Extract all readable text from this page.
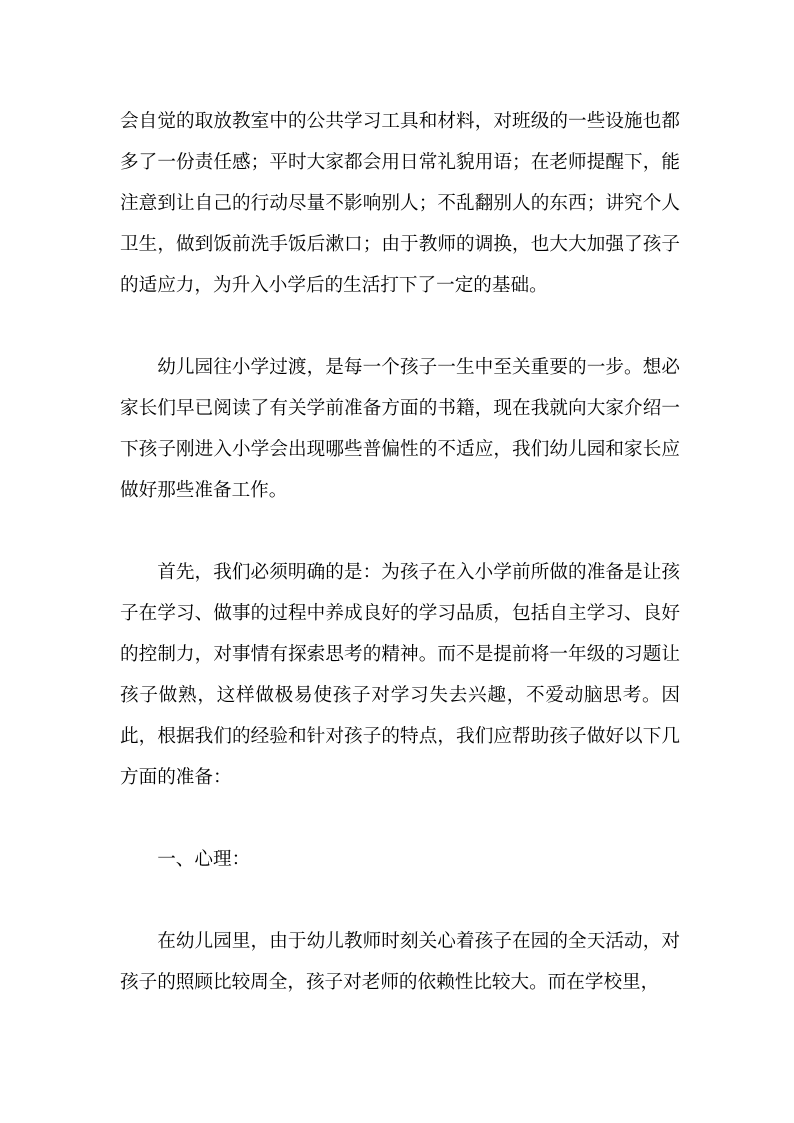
会自觉的取放教室中的公共学习工具和材料，对班级的一些设施也都多了一份责任感；平时大家都会用日常礼貌用语；在老师提醒下，能注意到让自己的行动尽量不影响别人；不乱翻别人的东西；讲究个人卫生，做到饭前洗手饭后漱口；由于教师的调换，也大大加强了孩子的适应力，为升入小学后的生活打下了一定的基础。

幼儿园往小学过渡，是每一个孩子一生中至关重要的一步。想必家长们早已阅读了有关学前准备方面的书籍，现在我就向大家介绍一下孩子刚进入小学会出现哪些普偏性的不适应，我们幼儿园和家长应做好那些准备工作。

首先，我们必须明确的是：为孩子在入小学前所做的准备是让孩子在学习、做事的过程中养成良好的学习品质，包括自主学习、良好的控制力，对事情有探索思考的精神。而不是提前将一年级的习题让孩子做熟，这样做极易使孩子对学习失去兴趣，不爱动脑思考。因此，根据我们的经验和针对孩子的特点，我们应帮助孩子做好以下几方面的准备：

一、心理：

在幼儿园里，由于幼儿教师时刻关心着孩子在园的全天活动，对孩子的照顾比较周全，孩子对老师的依赖性比较大。而在学校里，
